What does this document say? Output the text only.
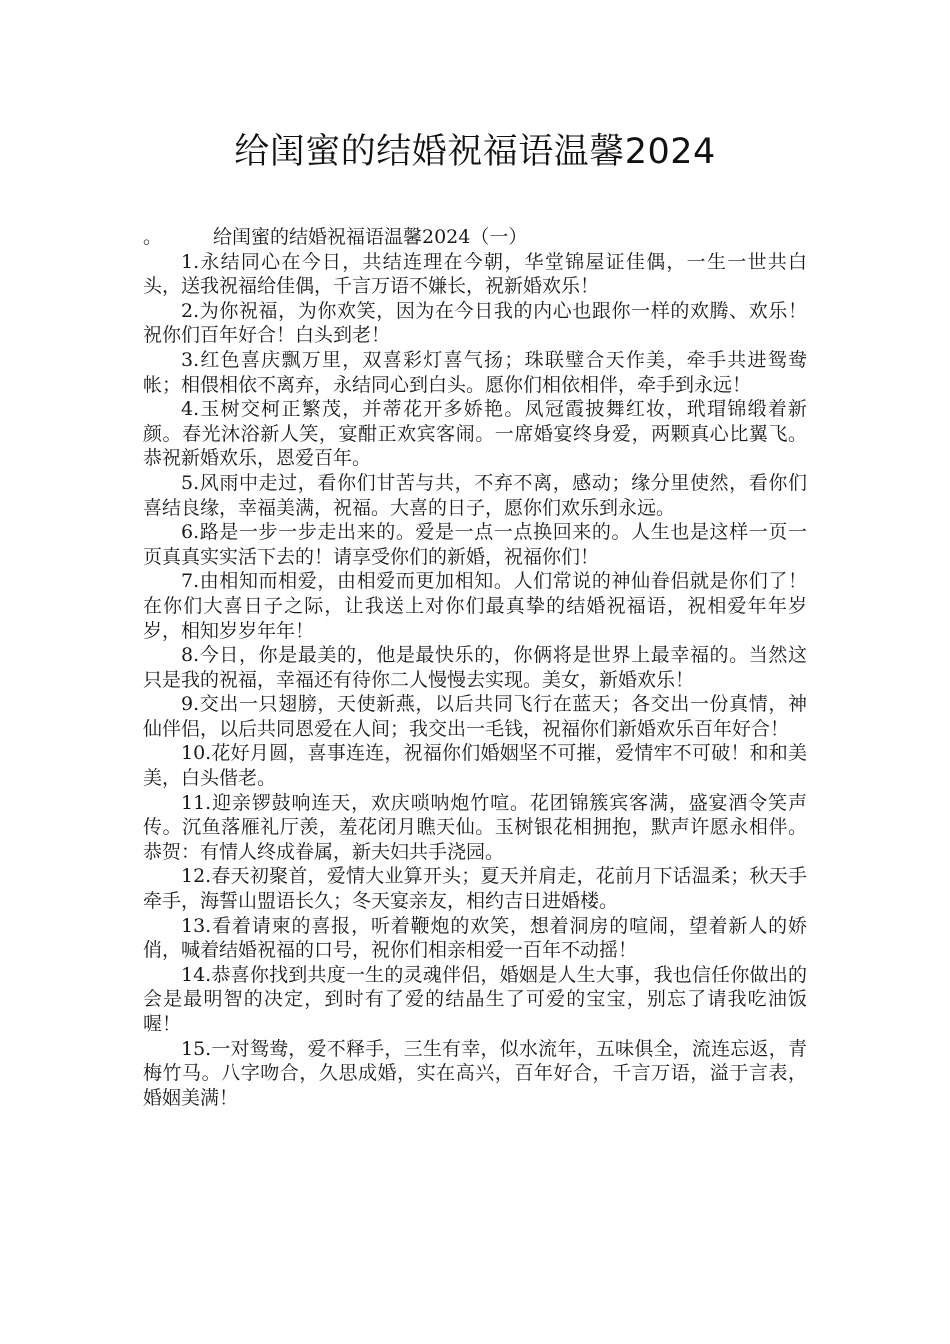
给闺蜜的结婚祝福语温馨2024

。	给闺蜜的结婚祝福语温馨2024（一）

1.永结同心在今日，共结连理在今朝，华堂锦屋证佳偶，一生一世共白头，送我祝福给佳偶，千言万语不嫌长，祝新婚欢乐！

2.为你祝福，为你欢笑，因为在今日我的内心也跟你一样的欢腾、欢乐！祝你们百年好合！白头到老！

3.红色喜庆飘万里，双喜彩灯喜气扬；珠联璧合天作美，牵手共进鸳鸯帐；相偎相依不离弃，永结同心到白头。愿你们相依相伴，牵手到永远！

4.玉树交柯正繁茂，并蒂花开多娇艳。凤冠霞披舞红妆，玳瑁锦缎着新颜。春光沐浴新人笑，宴酣正欢宾客闹。一席婚宴终身爱，两颗真心比翼飞。恭祝新婚欢乐，恩爱百年。

5.风雨中走过，看你们甘苦与共，不弃不离，感动；缘分里使然，看你们喜结良缘，幸福美满，祝福。大喜的日子，愿你们欢乐到永远。

6.路是一步一步走出来的。爱是一点一点换回来的。人生也是这样一页一页真真实实活下去的！请享受你们的新婚，祝福你们！

7.由相知而相爱，由相爱而更加相知。人们常说的神仙眷侣就是你们了！在你们大喜日子之际，让我送上对你们最真挚的结婚祝福语，祝相爱年年岁岁，相知岁岁年年！

8.今日，你是最美的，他是最快乐的，你俩将是世界上最幸福的。当然这只是我的祝福，幸福还有待你二人慢慢去实现。美女，新婚欢乐！

9.交出一只翅膀，天使新燕，以后共同飞行在蓝天；各交出一份真情，神仙伴侣，以后共同恩爱在人间；我交出一毛钱，祝福你们新婚欢乐百年好合！

10.花好月圆，喜事连连，祝福你们婚姻坚不可摧，爱情牢不可破！和和美美，白头偕老。

11.迎亲锣鼓响连天，欢庆唢呐炮竹喧。花团锦簇宾客满，盛宴酒令笑声传。沉鱼落雁礼厅羡，羞花闭月瞧天仙。玉树银花相拥抱，默声许愿永相伴。恭贺：有情人终成眷属，新夫妇共手浇园。

12.春天初聚首，爱情大业算开头；夏天并肩走，花前月下话温柔；秋天手牵手，海誓山盟语长久；冬天宴亲友，相约吉日进婚楼。

13.看着请柬的喜报，听着鞭炮的欢笑，想着洞房的喧闹，望着新人的娇俏，喊着结婚祝福的口号，祝你们相亲相爱一百年不动摇！

14.恭喜你找到共度一生的灵魂伴侣，婚姻是人生大事，我也信任你做出的会是最明智的决定，到时有了爱的结晶生了可爱的宝宝，别忘了请我吃油饭喔！

15.一对鸳鸯，爱不释手，三生有幸，似水流年，五味俱全，流连忘返，青梅竹马。八字吻合，久思成婚，实在高兴，百年好合，千言万语，溢于言表，婚姻美满！
